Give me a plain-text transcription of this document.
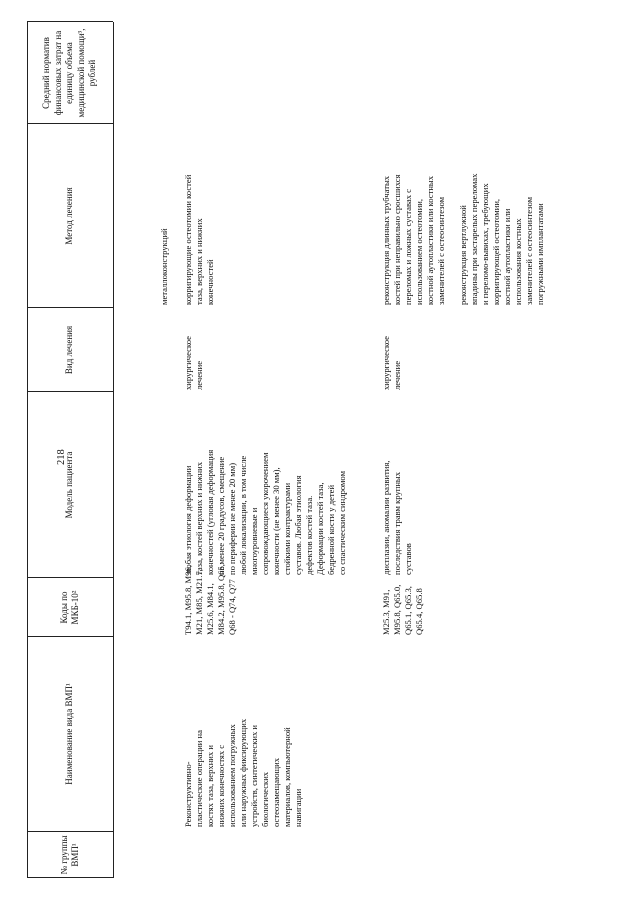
218
№ группы ВМП¹
Наименование вида ВМП¹
Коды по МКБ-10²
Модель пациента
Вид лечения
Метод лечения
Средний норматив финансовых затрат на единицу объема медицинской помощи³, рублей
Реконструктивно- пластические операции на костях таза, верхних и нижних конечностях с использованием погружных или наружных фиксирующих устройств, синтетических и биологических остеозамещающих материалов, компьютерной навигации
T94.1, M95.8, M96, M21, M85, M21.7, M25.6, M84.1, M84.2, M95.8, Q65, Q68 - Q74, Q77
любая этиология деформации таза, костей верхних и нижних конечностей (угловая деформация не менее 20 градусов, смещение по периферии не менее 20 мм) любой локализации, в том числе многоуровневые и сопровождающиеся укорочением конечности (не менее 30 мм), стойкими контрактурами суставов. Любая этиология дефектов костей таза. Деформации костей таза, бедренной кости у детей со спастическим синдромом
хирургическое лечение
металлоконструкций корригирующие остеотомии костей таза, верхних и нижних конечностей
M25.3, M91, M95.8, Q65.0, Q65.1, Q65.3, Q65.4, Q65.8
дисплазии, аномалии развития, последствия травм крупных суставов
хирургическое лечение
реконструкция длинных трубчатых костей при неправильно сросшихся переломах и ложных суставах с использованием остеотомии, костной аутопластики или костных заменителей с остеосинтезом реконструкция вертлужной впадины при застарелых переломах и переломо-вывихах, требующих корригирующей остеотомии, костной аутопластики или использования костных заменителей с остеосинтезом погружными имплантатами
